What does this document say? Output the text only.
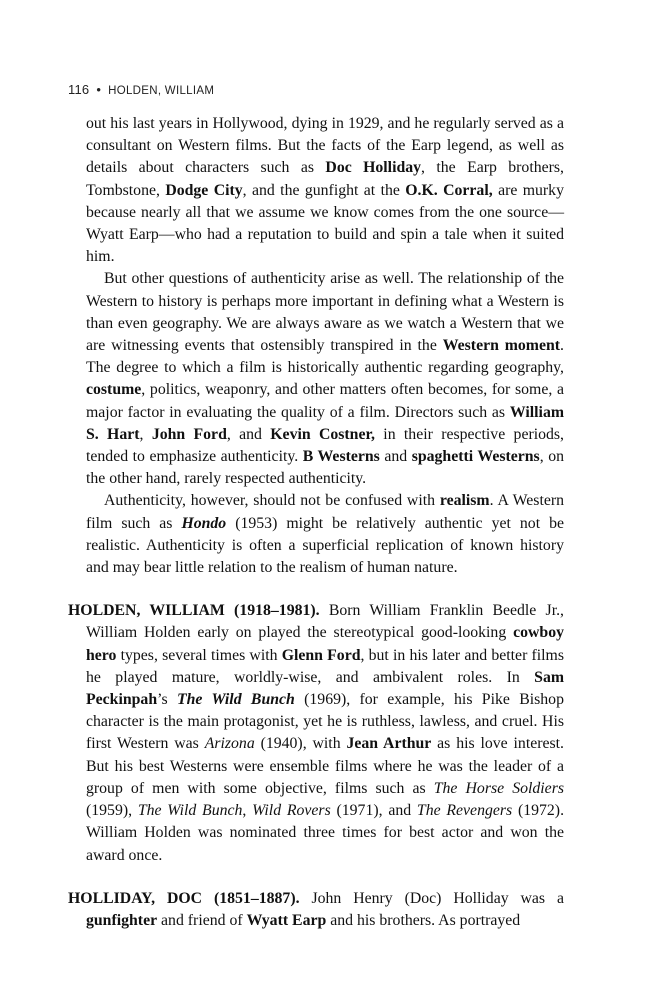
116 • HOLDEN, WILLIAM

out his last years in Hollywood, dying in 1929, and he regularly served as a consultant on Western films. But the facts of the Earp legend, as well as details about characters such as Doc Holliday, the Earp brothers, Tombstone, Dodge City, and the gunfight at the O.K. Corral, are murky because nearly all that we assume we know comes from the one source—Wyatt Earp—who had a reputation to build and spin a tale when it suited him.

But other questions of authenticity arise as well. The relationship of the Western to history is perhaps more important in defining what a Western is than even geography. We are always aware as we watch a Western that we are witnessing events that ostensibly transpired in the Western moment. The degree to which a film is historically authentic regarding geography, costume, politics, weaponry, and other matters often becomes, for some, a major factor in evaluating the quality of a film. Directors such as William S. Hart, John Ford, and Kevin Costner, in their respective periods, tended to emphasize authenticity. B Westerns and spaghetti Westerns, on the other hand, rarely respected authenticity.

Authenticity, however, should not be confused with realism. A Western film such as Hondo (1953) might be relatively authentic yet not be realistic. Authenticity is often a superficial replication of known history and may bear little relation to the realism of human nature.

HOLDEN, WILLIAM (1918–1981). Born William Franklin Beedle Jr., William Holden early on played the stereotypical good-looking cowboy hero types, several times with Glenn Ford, but in his later and better films he played mature, worldly-wise, and ambivalent roles. In Sam Peckinpah’s The Wild Bunch (1969), for example, his Pike Bishop character is the main protagonist, yet he is ruthless, lawless, and cruel. His first Western was Arizona (1940), with Jean Arthur as his love interest. But his best Westerns were ensemble films where he was the leader of a group of men with some objective, films such as The Horse Soldiers (1959), The Wild Bunch, Wild Rovers (1971), and The Revengers (1972). William Holden was nominated three times for best actor and won the award once.

HOLLIDAY, DOC (1851–1887). John Henry (Doc) Holliday was a gunfighter and friend of Wyatt Earp and his brothers. As portrayed
